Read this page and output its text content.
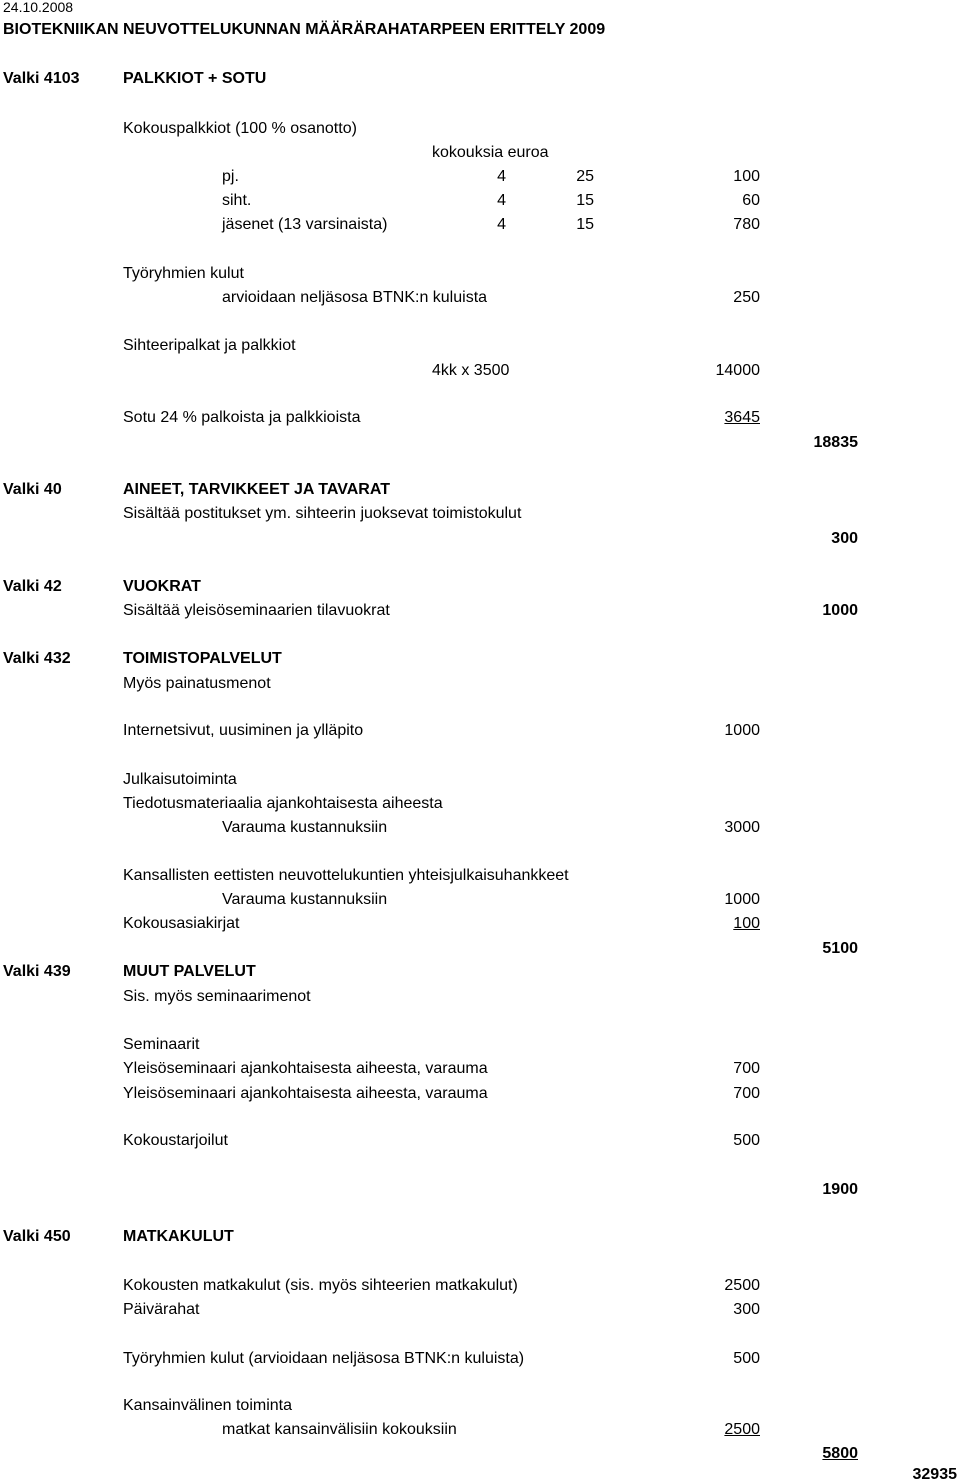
24.10.2008
BIOTEKNIIKAN NEUVOTTELUKUNNAN MÄÄRÄRAHATARPEEN ERITTELY 2009
Valki 4103	PALKKIOT + SOTU
Kokouspalkkiot (100 % osanotto)
kokouksia euroa
pj.	4	25	100
siht.	4	15	60
jäsenet (13 varsinaista)	4	15	780
Työryhmien kulut
arvioidaan neljäsosa BTNK:n kuluista	250
Sihteeripalkat ja palkkiot
4kk x 3500	14000
Sotu 24 % palkoista ja palkkioista	3645
18835
Valki 40	AINEET, TARVIKKEET JA TAVARAT
Sisältää postitukset ym. sihteerin juoksevat toimistokulut
300
Valki 42	VUOKRAT
Sisältää yleisöseminaarien tilavuokrat	1000
Valki 432	TOIMISTOPALVELUT
Myös painatusmenot
Internetsivut, uusiminen ja ylläpito	1000
Julkaisutoiminta
Tiedotusmateriaalia ajankohtaisesta aiheesta
Varauma kustannuksiin	3000
Kansallisten eettisten neuvottelukuntien yhteisjulkaisuhankkeet
Varauma kustannuksiin	1000
Kokousasiakirjat	100
5100
Valki 439	MUUT PALVELUT
Sis. myös seminaarimenot
Seminaarit
Yleisöseminaari ajankohtaisesta aiheesta, varauma	700
Yleisöseminaari ajankohtaisesta aiheesta, varauma	700
Kokoustarjoilut	500
1900
Valki 450	MATKAKULUT
Kokousten matkakulut (sis. myös sihteerien matkakulut)	2500
Päivärahat	300
Työryhmien kulut (arvioidaan neljäsosa BTNK:n kuluista)	500
Kansainvälinen toiminta
matkat kansainvälisiin kokouksiin	2500
5800
32935
